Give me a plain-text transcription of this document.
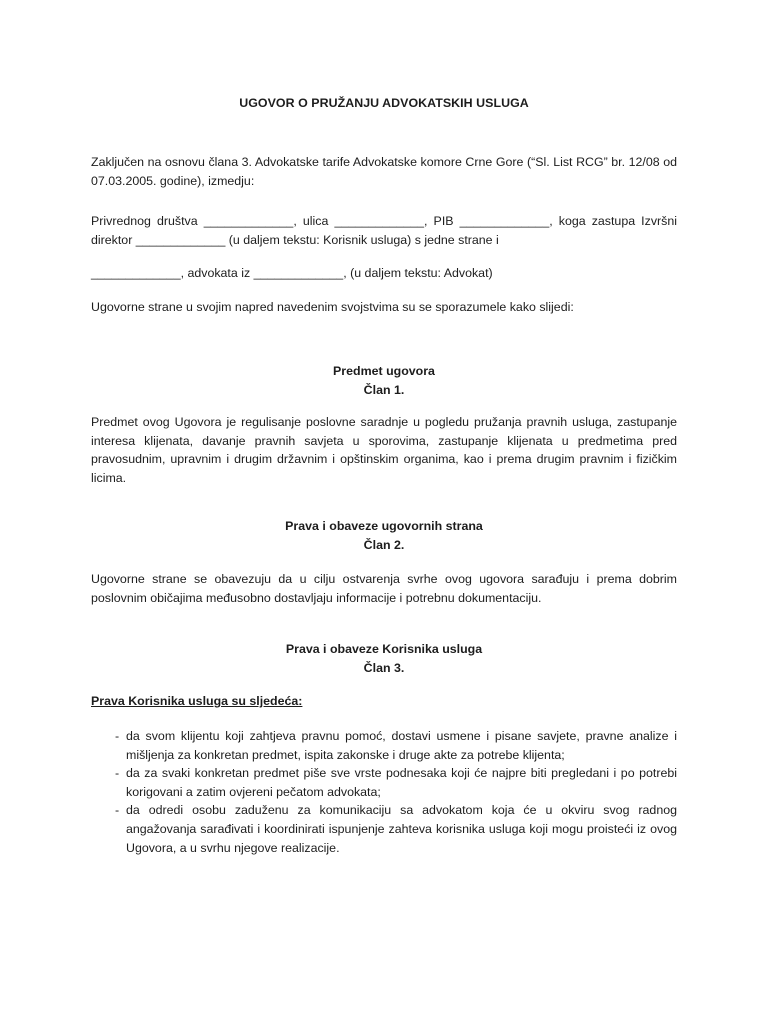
UGOVOR O PRUŽANJU ADVOKATSKIH USLUGA

Zaključen na osnovu člana 3. Advokatske tarife Advokatske komore Crne Gore (“Sl. List RCG” br. 12/08 od 07.03.2005. godine), izmedju:

Privrednog društva _____________, ulica _____________, PIB _____________, koga zastupa Izvršni direktor _____________ (u daljem tekstu: Korisnik usluga) s jedne strane i

_____________, advokata iz _____________, (u daljem tekstu: Advokat)

Ugovorne strane u svojim napred navedenim svojstvima su se sporazumele kako slijedi:

Predmet ugovora
Član 1.

Predmet ovog Ugovora je regulisanje poslovne saradnje u pogledu pružanja pravnih usluga, zastupanje interesa klijenata, davanje pravnih savjeta u sporovima, zastupanje klijenata u predmetima pred pravosudnim, upravnim i drugim državnim i opštinskim organima, kao i prema drugim pravnim i fizičkim licima.

Prava i obaveze ugovornih strana
Član 2.

Ugovorne strane se obavezuju da u cilju ostvarenja svrhe ovog ugovora sarađuju i prema dobrim poslovnim običajima međusobno dostavljaju informacije i potrebnu dokumentaciju.

Prava i obaveze Korisnika usluga
Član 3.
Prava Korisnika usluga su sljedeća:
- da svom klijentu koji zahtjeva pravnu pomoć, dostavi usmene i pisane savjete, pravne analize i mišljenja za konkretan predmet, ispita zakonske i druge akte za potrebe klijenta;
- da za svaki konkretan predmet piše sve vrste podnesaka koji će najpre biti pregledani i po potrebi korigovani a zatim ovjereni pečatom advokata;
- da odredi osobu zaduženu za komunikaciju sa advokatom koja će u okviru svog radnog angažovanja sarađivati i koordinirati ispunjenje zahteva korisnika usluga koji mogu proisteći iz ovog Ugovora, a u svrhu njegove realizacije.
